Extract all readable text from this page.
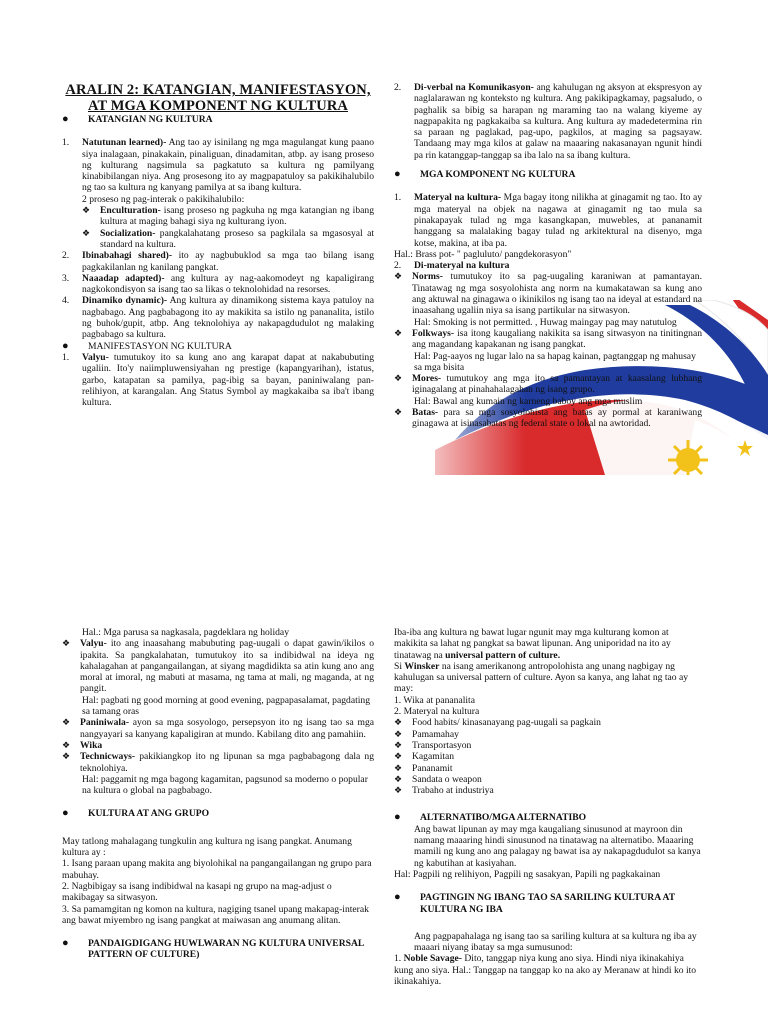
ARALIN 2: KATANGIAN, MANIFESTASYON, AT MGA KOMPONENT NG KULTURA

●	KATANGIAN NG KULTURA
1.	Natutunan learned)- Ang tao ay isinilang ng mga magulangat kung paano siya inalagaan, pinakakain, pinaliguan, dinadamitan, atbp. ay isang proseso ng kulturang nagsimula sa pagkatuto sa kultura ng pamilyang kinabibilangan niya. Ang prosesong ito ay magpapatuloy sa pakikihalubilo ng tao sa kultura ng kanyang pamilya at sa ibang kultura.

2 proseso ng pag-interak o pakikihalubilo:

❖	Enculturation- isang proseso ng pagkuha ng mga katangian ng ibang kultura at maging bahagi siya ng kulturang iyon.
❖	Socialization- pangkalahatang proseso sa pagkilala sa mgasosyal at standard na kultura.
2.	Ibinabahagi shared)- ito ay nagbubuklod sa mga tao bilang isang pagkakilanlan ng kanilang pangkat.
3.	Naaadap adapted)- ang kultura ay nag-aakomodeyt ng kapaligirang nagkokondisyon sa isang tao sa likas o teknolohidad na resorses.
4.	Dinamiko dynamic)- Ang kultura ay dinamikong sistema kaya patuloy na nagbabago. Ang pagbabagong ito ay makikita sa istilo ng pananalita, istilo ng buhok/gupit, atbp. Ang teknolohiya ay nakapagdudulot ng malaking pagbabago sa kultura.
●	MANIFESTASYON NG KULTURA
1.	Valyu- tumutukoy ito sa kung ano ang karapat dapat at nakabubuting ugaliin. Ito'y naiimpluwensiyahan ng prestige (kapangyarihan), istatus, garbo, katapatan sa pamilya, pag-ibig sa bayan, paniniwalang pan-relihiyon, at karangalan. Ang Status Symbol ay magkakaiba sa iba't ibang kultura.
2.	Di-verbal na Komunikasyon- ang kahulugan ng aksyon at ekspresyon ay naglalarawan ng konteksto ng kultura. Ang pakikipagkamay, pagsaludo, o paghalik sa bibig sa harapan ng maraming tao na walang kiyeme ay nagpapakita ng pagkakaiba sa kultura. Ang kultura ay madedetermina rin sa paraan ng paglakad, pag-upo, pagkilos, at maging sa pagsayaw. Tandaang may mga kilos at galaw na maaaring nakasanayan ngunit hindi pa rin katanggap-tanggap sa iba lalo na sa ibang kultura.
●	MGA KOMPONENT NG KULTURA
1.	Materyal na kultura- Mga bagay itong nilikha at ginagamit ng tao. Ito ay mga materyal na objek na nagawa at ginagamit ng tao mula sa pinakapayak tulad ng mga kasangkapan, muwebles, at pananamit hanggang sa malalaking bagay tulad ng arkitektural na disenyo, mga kotse, makina, at iba pa.

Hal.: Brass pot- " pagluluto/ pangdekorasyon"

2.	Di-materyal na kultura
❖	Norms- tumutukoy ito sa pag-uugaling karaniwan at pamantayan. Tinatawag ng mga sosyolohista ang norm na kumakatawan sa kung ano ang aktuwal na ginagawa o ikinikilos ng isang tao na ideyal at estandard na inaasahang ugaliin niya sa isang partikular na sitwasyon.

Hal: Smoking is not permitted. , Huwag maingay pag may natutulog

❖	Folkways- isa itong kaugaliang nakikita sa isang sitwasyon na tinitingnan ang magandang kapakanan ng isang pangkat.

Hal: Pag-aayos ng lugar lalo na sa hapag kainan, pagtanggap ng mahusay sa mga bisita

❖	Mores- tumutukoy ang mga ito sa pamantayan at kaasalang lubhang iginagalang at pinahahalagahan ng isang grupo.

Hal: Bawal ang kumain ng karneng baboy ang mga muslim

❖	Batas- para sa mga sosyolohista ang batas ay pormal at karaniwang ginagawa at isinasabatas ng federal state o lokal na awtoridad.

Hal.: Mga parusa sa nagkasala, pagdeklara ng holiday

❖	Valyu- ito ang inaasahang mabubuting pag-uugali o dapat gawin/ikilos o ipakita. Sa pangkalahatan, tumutukoy ito sa indibidwal na ideya ng kahalagahan at pangangailangan, at siyang magdidikta sa atin kung ano ang moral at imoral, ng mabuti at masama, ng tama at mali, ng maganda, at ng pangit.

Hal: pagbati ng good morning at good evening, pagpapasalamat, pagdating sa tamang oras

❖	Paniniwala- ayon sa mga sosyologo, persepsyon ito ng isang tao sa mga nangyayari sa kanyang kapaligiran at mundo. Kabilang dito ang pamahiin.
❖	Wika
❖	Technicways- pakikiangkop ito ng lipunan sa mga pagbabagong dala ng teknolohiya.

Hal: paggamit ng mga bagong kagamitan, pagsunod sa moderno o popular na kultura o global na pagbabago.

●	KULTURA AT ANG GRUPO

May tatlong mahalagang tungkulin ang kultura ng isang pangkat. Anumang kultura ay :

1. Isang paraan upang makita ang biyolohikal na pangangailangan ng grupo para mabuhay.

2. Nagbibigay sa isang indibidwal na kasapi ng grupo na mag-adjust o makibagay sa sitwasyon.

3. Sa pamamgitan ng komon na kultura, nagiging tsanel upang makapag-interak ang bawat miyembro ng isang pangkat at maiwasan ang anumang alitan.

●	PANDAIGDIGANG HUWLWARAN NG KULTURA UNIVERSAL PATTERN OF CULTURE)

Iba-iba ang kultura ng bawat lugar ngunit may mga kulturang komon at makikita sa lahat ng pangkat sa bawat lipunan. Ang uniporidad na ito ay tinatawag na universal pattern of culture.

Si Winsker na isang amerikanong antropolohista ang unang nagbigay ng kahulugan sa universal pattern of culture. Ayon sa kanya, ang lahat ng tao ay may:

1. Wika at pananalita

2. Materyal na kultura

❖	Food habits/ kinasanayang pag-uugali sa pagkain
❖	Pamamahay
❖	Transportasyon
❖	Kagamitan
❖	Pananamit
❖	Sandata o weapon
❖	Trabaho at industriya
●	ALTERNATIBO/MGA ALTERNATIBO

Ang bawat lipunan ay may mga kaugaliang sinusunod at mayroon din namang maaaring hindi sinusunod na tinatawag na alternatibo. Maaaring mamili ng kung ano ang palagay ng bawat isa ay nakapagdudulot sa kanya ng kabutihan at kasiyahan.

Hal: Pagpili ng relihiyon, Pagpili ng sasakyan, Papili ng pagkakainan

●	PAGTINGIN NG IBANG TAO SA SARILING KULTURA AT KULTURA NG IBA

Ang pagpapahalaga ng isang tao sa sariling kultura at sa kultura ng iba ay maaari niyang ibatay sa mga sumusunod:

1. Noble Savage- Dito, tanggap niya kung ano siya. Hindi niya ikinakahiya kung ano siya. Hal.: Tanggap na tanggap ko na ako ay Meranaw at hindi ko ito ikinakahiya.
